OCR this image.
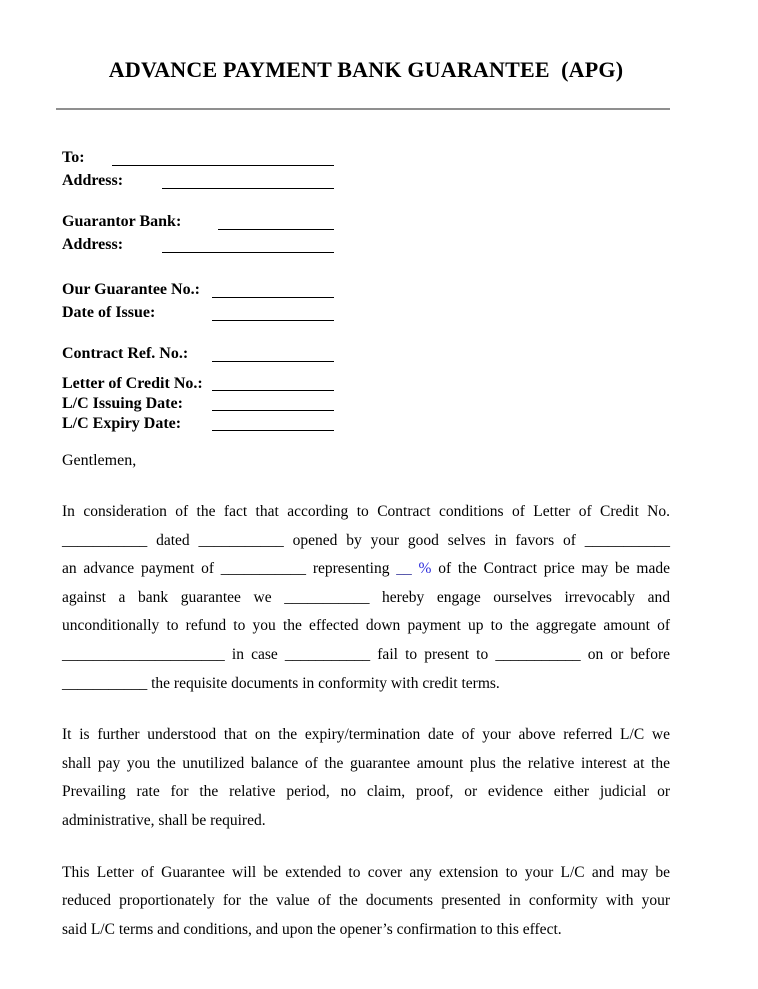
ADVANCE PAYMENT BANK GUARANTEE  (APG)
To:
Address:
Guarantor Bank:
Address:
Our Guarantee No.:
Date of Issue:
Contract Ref. No.:
Letter of Credit No.:
L/C Issuing Date:
L/C Expiry Date:

Gentlemen,

In consideration of the fact that according to Contract conditions of Letter of Credit No.
___________ dated ___________ opened by your good selves in favors of ___________
an advance payment of ___________ representing __ % of the Contract price may be made
against a bank guarantee we ___________ hereby engage ourselves irrevocably and
unconditionally to refund to you the effected down payment up to the aggregate amount of
_____________________ in case ___________ fail to present to ___________ on or before
___________ the requisite documents in conformity with credit terms.
It is further understood that on the expiry/termination date of your above referred L/C we
shall pay you the unutilized balance of the guarantee amount plus the relative interest at the
Prevailing rate for the relative period, no claim, proof, or evidence either judicial or
administrative, shall be required.
This Letter of Guarantee will be extended to cover any extension to your L/C and may be
reduced proportionately for the value of the documents presented in conformity with your
said L/C terms and conditions, and upon the opener’s confirmation to this effect.
